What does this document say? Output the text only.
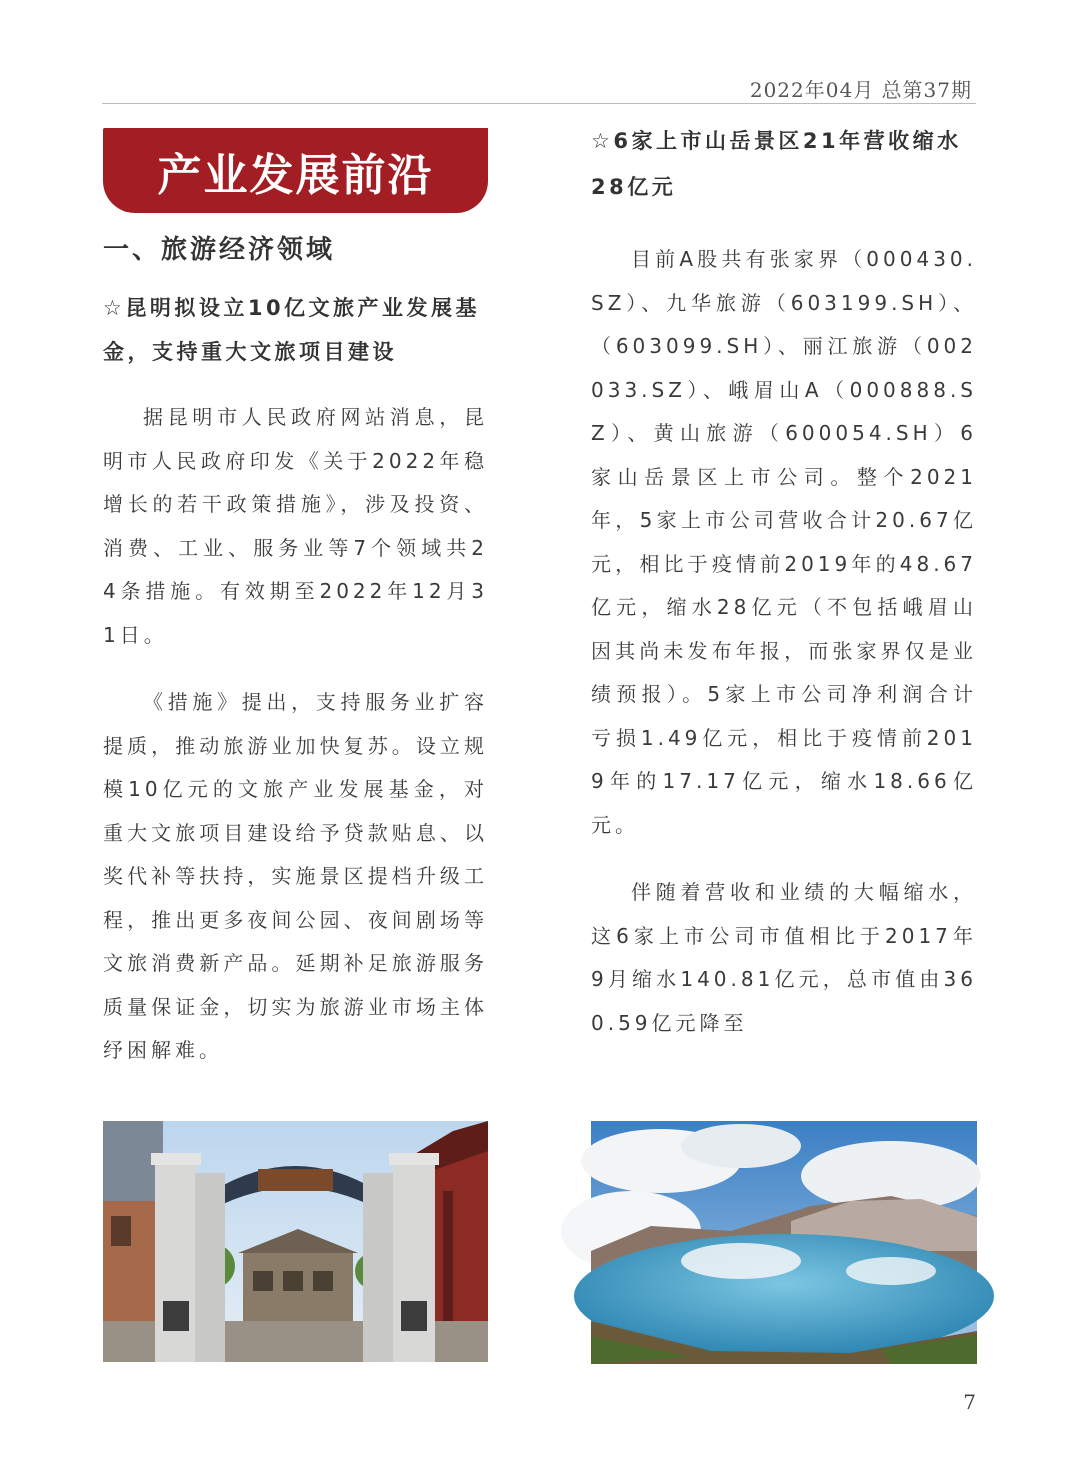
2022年04月 总第37期
产业发展前沿
一、旅游经济领域
☆昆明拟设立10亿文旅产业发展基金，支持重大文旅项目建设

据昆明市人民政府网站消息，昆明市人民政府印发《关于2022年稳增长的若干政策措施》，涉及投资、消费、工业、服务业等7个领域共24条措施。有效期至2022年12月31日。

《措施》提出，支持服务业扩容提质，推动旅游业加快复苏。设立规模10亿元的文旅产业发展基金，对重大文旅项目建设给予贷款贴息、以奖代补等扶持，实施景区提档升级工程，推出更多夜间公园、夜间剧场等文旅消费新产品。延期补足旅游服务质量保证金，切实为旅游业市场主体纾困解难。

☆6家上市山岳景区21年营收缩水28亿元

目前A股共有张家界（000430.SZ）、九华旅游（603199.SH）、（603099.SH）、丽江旅游（002033.SZ）、峨眉山A（000888.SZ）、黄山旅游（600054.SH）6家山岳景区上市公司。整个2021年，5家上市公司营收合计20.67亿元，相比于疫情前2019年的48.67亿元，缩水28亿元（不包括峨眉山因其尚未发布年报，而张家界仅是业绩预报）。5家上市公司净利润合计亏损1.49亿元，相比于疫情前2019年的17.17亿元，缩水18.66亿元。

伴随着营收和业绩的大幅缩水，这6家上市公司市值相比于2017年9月缩水140.81亿元，总市值由360.59亿元降至

7
